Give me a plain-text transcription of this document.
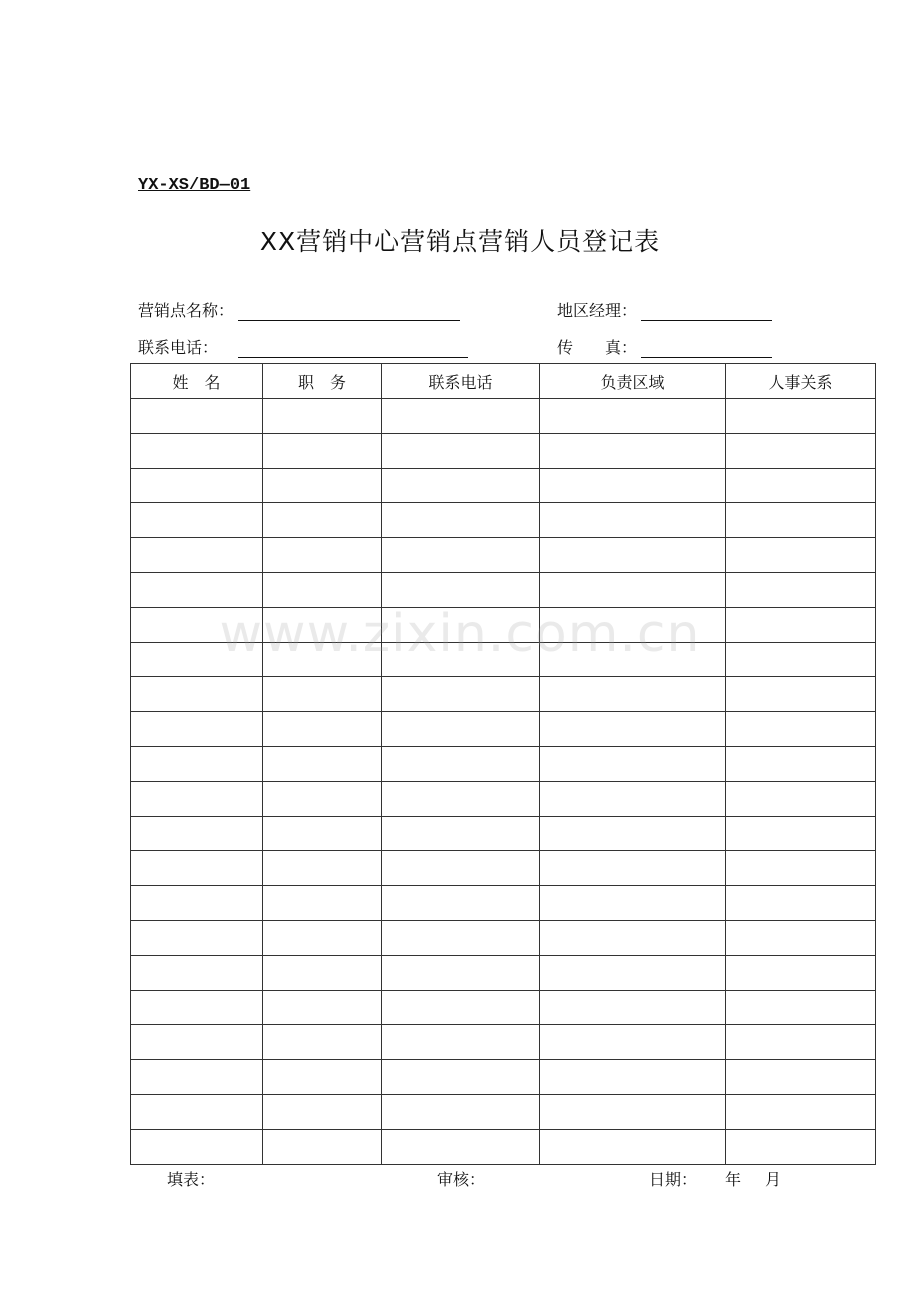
YX-XS/BD—01
XX营销中心营销点营销人员登记表
营销点名称：	地区经理：
联系电话：	传　　真：
姓　名	职　务	联系电话	负责区域	人事关系

填表：	审核：	日期： 年 月
www.zixin.com.cn
